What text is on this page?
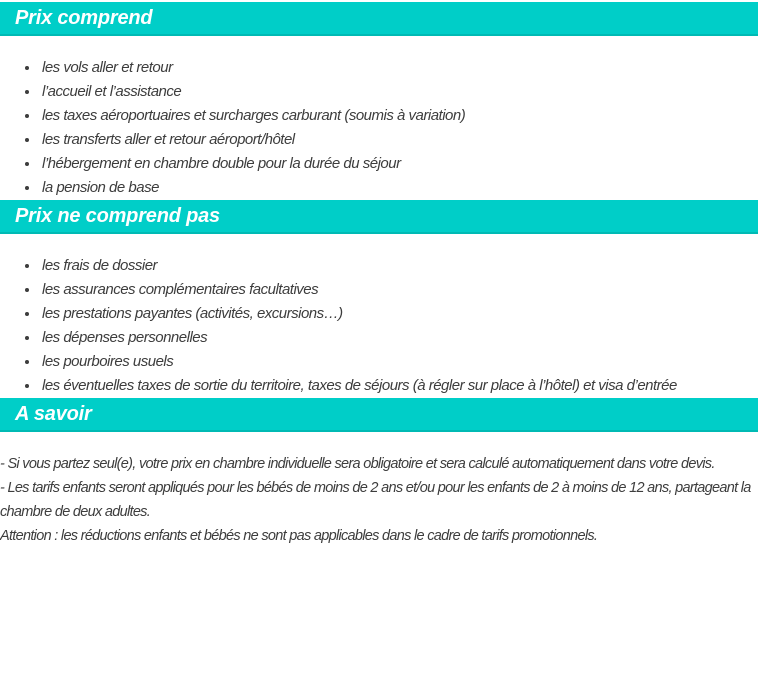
Prix comprend
• les vols aller et retour
• l’accueil et l’assistance
• les taxes aéroportuaires et surcharges carburant (soumis à variation)
• les transferts aller et retour aéroport/hôtel
• l’hébergement en chambre double pour la durée du séjour
• la pension de base
Prix ne comprend pas
• les frais de dossier
• les assurances complémentaires facultatives
• les prestations payantes (activités, excursions…)
• les dépenses personnelles
• les pourboires usuels
• les éventuelles taxes de sortie du territoire, taxes de séjours (à régler sur place à l’hôtel) et visa d’entrée
A savoir

- Si vous partez seul(e), votre prix en chambre individuelle sera obligatoire et sera calculé automatiquement dans votre devis.

- Les tarifs enfants seront appliqués pour les bébés de moins de 2 ans et/ou pour les enfants de 2 à moins de 12 ans, partageant la chambre de deux adultes.

Attention : les réductions enfants et bébés ne sont pas applicables dans le cadre de tarifs promotionnels.
